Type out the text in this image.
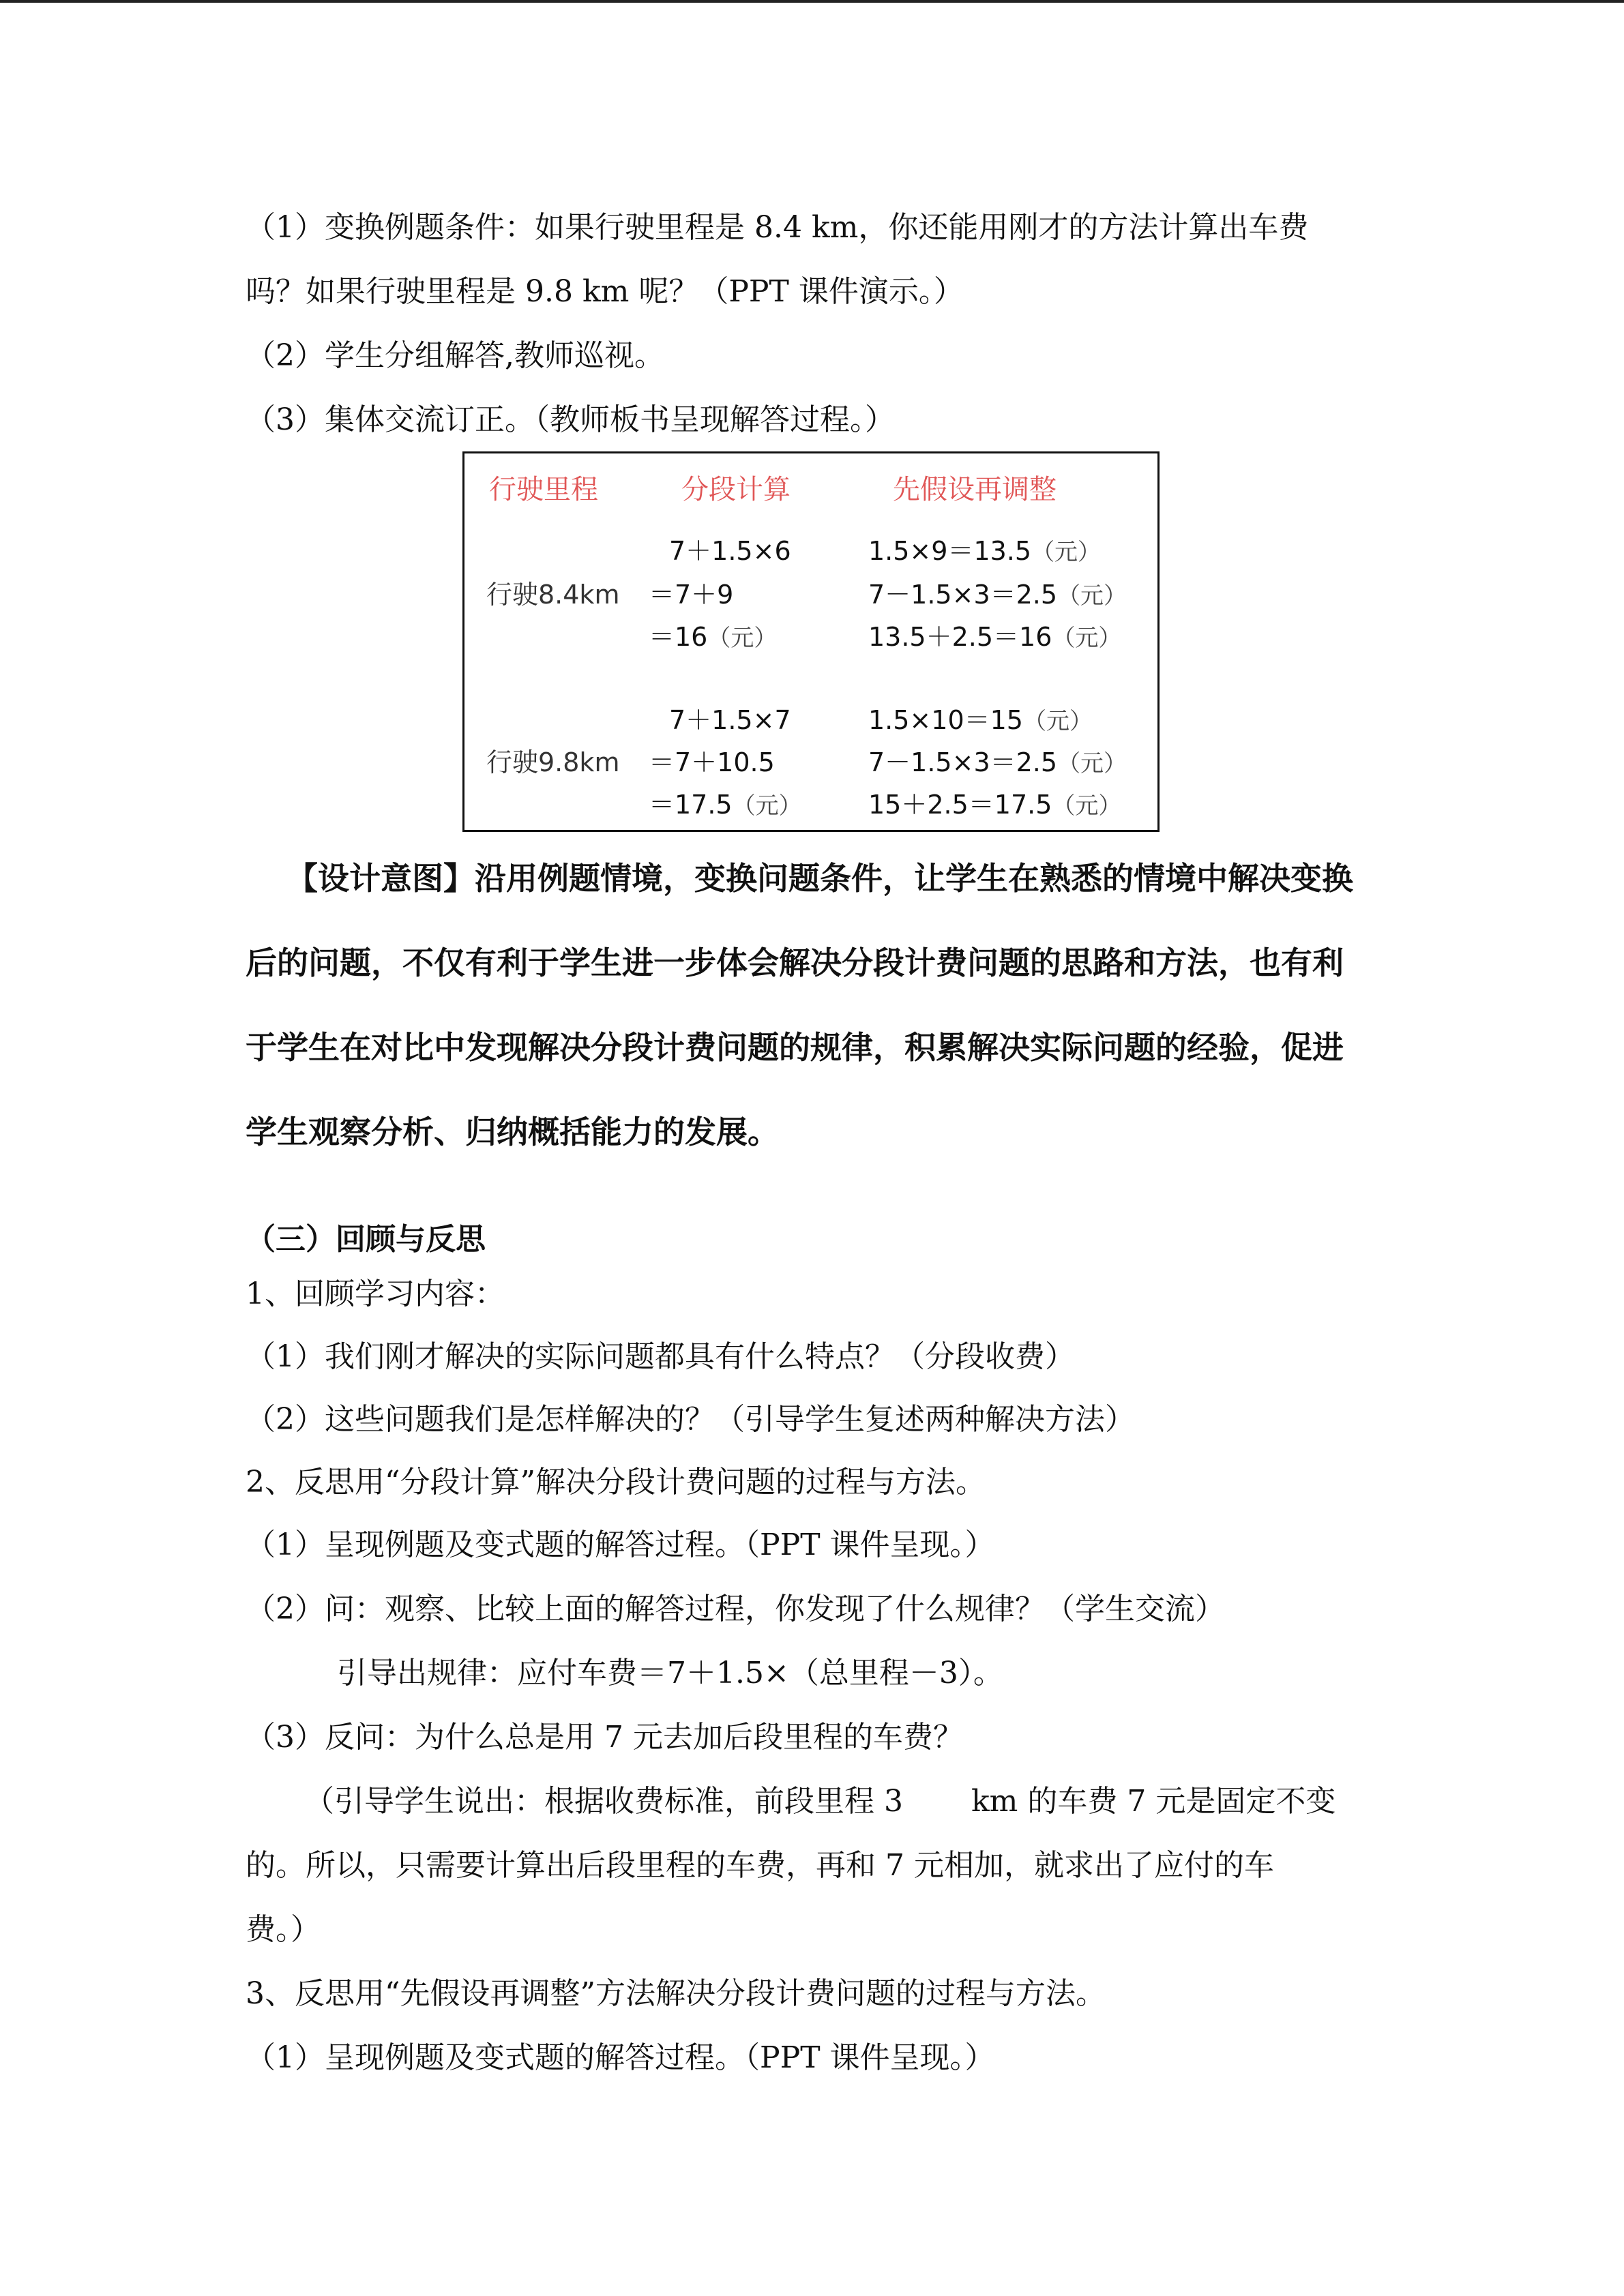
（1）变换例题条件：如果行驶里程是 8.4 km，你还能用刚才的方法计算出车费
吗？如果行驶里程是 9.8 km 呢？（PPT 课件演示。）
（2）学生分组解答,教师巡视。
（3）集体交流订正。（教师板书呈现解答过程。）
行驶里程	分段计算	先假设再调整
行驶8.4km
7＋1.5×6
＝7＋9
＝16（元）
1.5×9＝13.5（元）
7－1.5×3＝2.5（元）
13.5＋2.5＝16（元）
行驶9.8km
7＋1.5×7
＝7＋10.5
＝17.5（元）
1.5×10＝15（元）
7－1.5×3＝2.5（元）
15＋2.5＝17.5（元）
【设计意图】沿用例题情境，变换问题条件，让学生在熟悉的情境中解决变换
后的问题，不仅有利于学生进一步体会解决分段计费问题的思路和方法，也有利
于学生在对比中发现解决分段计费问题的规律，积累解决实际问题的经验，促进
学生观察分析、归纳概括能力的发展。
（三）回顾与反思
1、回顾学习内容：
（1）我们刚才解决的实际问题都具有什么特点？（分段收费）
（2）这些问题我们是怎样解决的？（引导学生复述两种解决方法）
2、反思用“分段计算”解决分段计费问题的过程与方法。
（1）呈现例题及变式题的解答过程。（PPT 课件呈现。）
（2）问：观察、比较上面的解答过程，你发现了什么规律？（学生交流）
引导出规律：应付车费＝7＋1.5×（总里程－3）。
（3）反问：为什么总是用 7 元去加后段里程的车费？
（引导学生说出：根据收费标准，前段里程 3 km 的车费 7 元是固定不变
的。所以，只需要计算出后段里程的车费，再和 7 元相加，就求出了应付的车
费。）
3、反思用“先假设再调整”方法解决分段计费问题的过程与方法。
（1）呈现例题及变式题的解答过程。（PPT 课件呈现。）
